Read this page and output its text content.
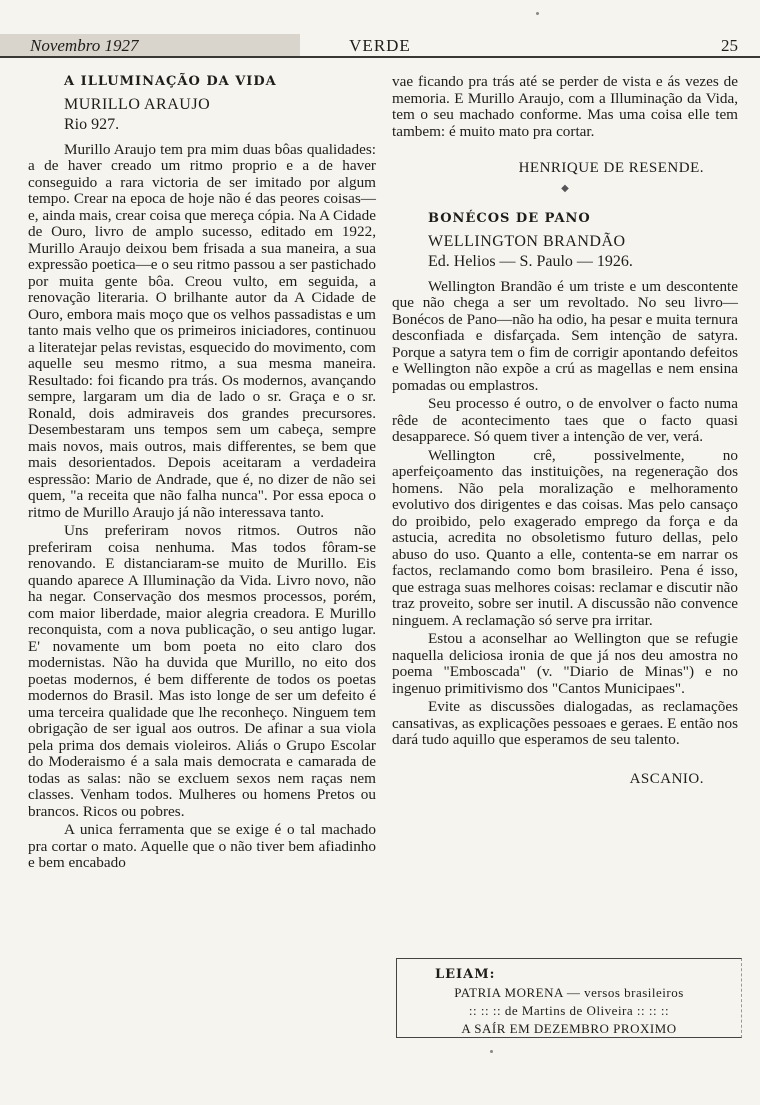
Novembro 1927	VERDE	25
A ILLUMINAÇÃO DA VIDA
MURILLO ARAUJO
Rio 927.

Murillo Araujo tem pra mim duas bôas qualidades: a de haver creado um ritmo proprio e a de haver conseguido a rara victoria de ser imitado por algum tempo. Crear na epoca de hoje não é das peores coisas—e, ainda mais, crear coisa que mereça cópia. Na A Cidade de Ouro, livro de amplo sucesso, editado em 1922, Murillo Araujo deixou bem frisada a sua maneira, a sua expressão poetica—e o seu ritmo passou a ser pastichado por muita gente bôa. Creou vulto, em seguida, a renovação literaria. O brilhante autor da A Cidade de Ouro, embora mais moço que os velhos passadistas e um tanto mais velho que os primeiros iniciadores, continuou a literatejar pelas revistas, esquecido do movimento, com aquelle seu mesmo ritmo, a sua mesma maneira. Resultado: foi ficando pra trás. Os modernos, avançando sempre, largaram um dia de lado o sr. Graça e o sr. Ronald, dois admiraveis dos grandes precursores. Desembestaram uns tempos sem um cabeça, sempre mais novos, mais outros, mais differentes, se bem que mais desorientados. Depois aceitaram a verdadeira espressão: Mario de Andrade, que é, no dizer de não sei quem, "a receita que não falha nunca". Por essa epoca o ritmo de Murillo Araujo já não interessava tanto.

Uns preferiram novos ritmos. Outros não preferiram coisa nenhuma. Mas todos fôram-se renovando. E distanciaram-se muito de Murillo. Eis quando aparece A Illuminação da Vida. Livro novo, não ha negar. Conservação dos mesmos processos, porém, com maior liberdade, maior alegria creadora. E Murillo reconquista, com a nova publicação, o seu antigo lugar. E' novamente um bom poeta no eito claro dos modernistas. Não ha duvida que Murillo, no eito dos poetas modernos, é bem differente de todos os poetas modernos do Brasil. Mas isto longe de ser um defeito é uma terceira qualidade que lhe reconheço. Ninguem tem obrigação de ser igual aos outros. De afinar a sua viola pela prima dos demais violeiros. Aliás o Grupo Escolar do Moderaismo é a sala mais democrata e camarada de todas as salas: não se excluem sexos nem raças nem classes. Venham todos. Mulheres ou homens Pretos ou brancos. Ricos ou pobres.

A unica ferramenta que se exige é o tal machado pra cortar o mato. Aquelle que o não tiver bem afiadinho e bem encabado

vae ficando pra trás até se perder de vista e ás vezes de memoria. E Murillo Araujo, com a Illuminação da Vida, tem o seu machado conforme. Mas uma coisa elle tem tambem: é muito mato pra cortar.

HENRIQUE DE RESENDE.
◆
BONÉCOS DE PANO
WELLINGTON BRANDÃO
Ed. Helios — S. Paulo — 1926.

Wellington Brandão é um triste e um descontente que não chega a ser um revoltado. No seu livro—Bonécos de Pano—não ha odio, ha pesar e muita ternura desconfiada e disfarçada. Sem intenção de satyra. Porque a satyra tem o fim de corrigir apontando defeitos e Wellington não expõe a crú as magellas e nem ensina pomadas ou emplastros.

Seu processo é outro, o de envolver o facto numa rêde de acontecimento taes que o facto quasi desapparece. Só quem tiver a intenção de ver, verá.

Wellington crê, possivelmente, no aperfeiçoamento das instituições, na regeneração dos homens. Não pela moralização e melhoramento evolutivo dos dirigentes e das coisas. Mas pelo cansaço do proibido, pelo exagerado emprego da força e da astucia, acredita no obsoletismo futuro dellas, pelo abuso do uso. Quanto a elle, contenta-se em narrar os factos, reclamando como bom brasileiro. Pena é isso, que estraga suas melhores coisas: reclamar e discutir não traz proveito, sobre ser inutil. A discussão não convence ninguem. A reclamação só serve pra irritar.

Estou a aconselhar ao Wellington que se refugie naquella deliciosa ironia de que já nos deu amostra no poema "Emboscada" (v. "Diario de Minas") e no ingenuo primitivismo dos "Cantos Municipaes".

Evite as discussões dialogadas, as reclamações cansativas, as explicações pessoaes e geraes. E então nos dará tudo aquillo que esperamos de seu talento.

ASCANIO.
LEIAM:
PATRIA MORENA — versos brasileiros
:: :: :: de Martins de Oliveira :: :: ::
A SAÍR EM DEZEMBRO PROXIMO
